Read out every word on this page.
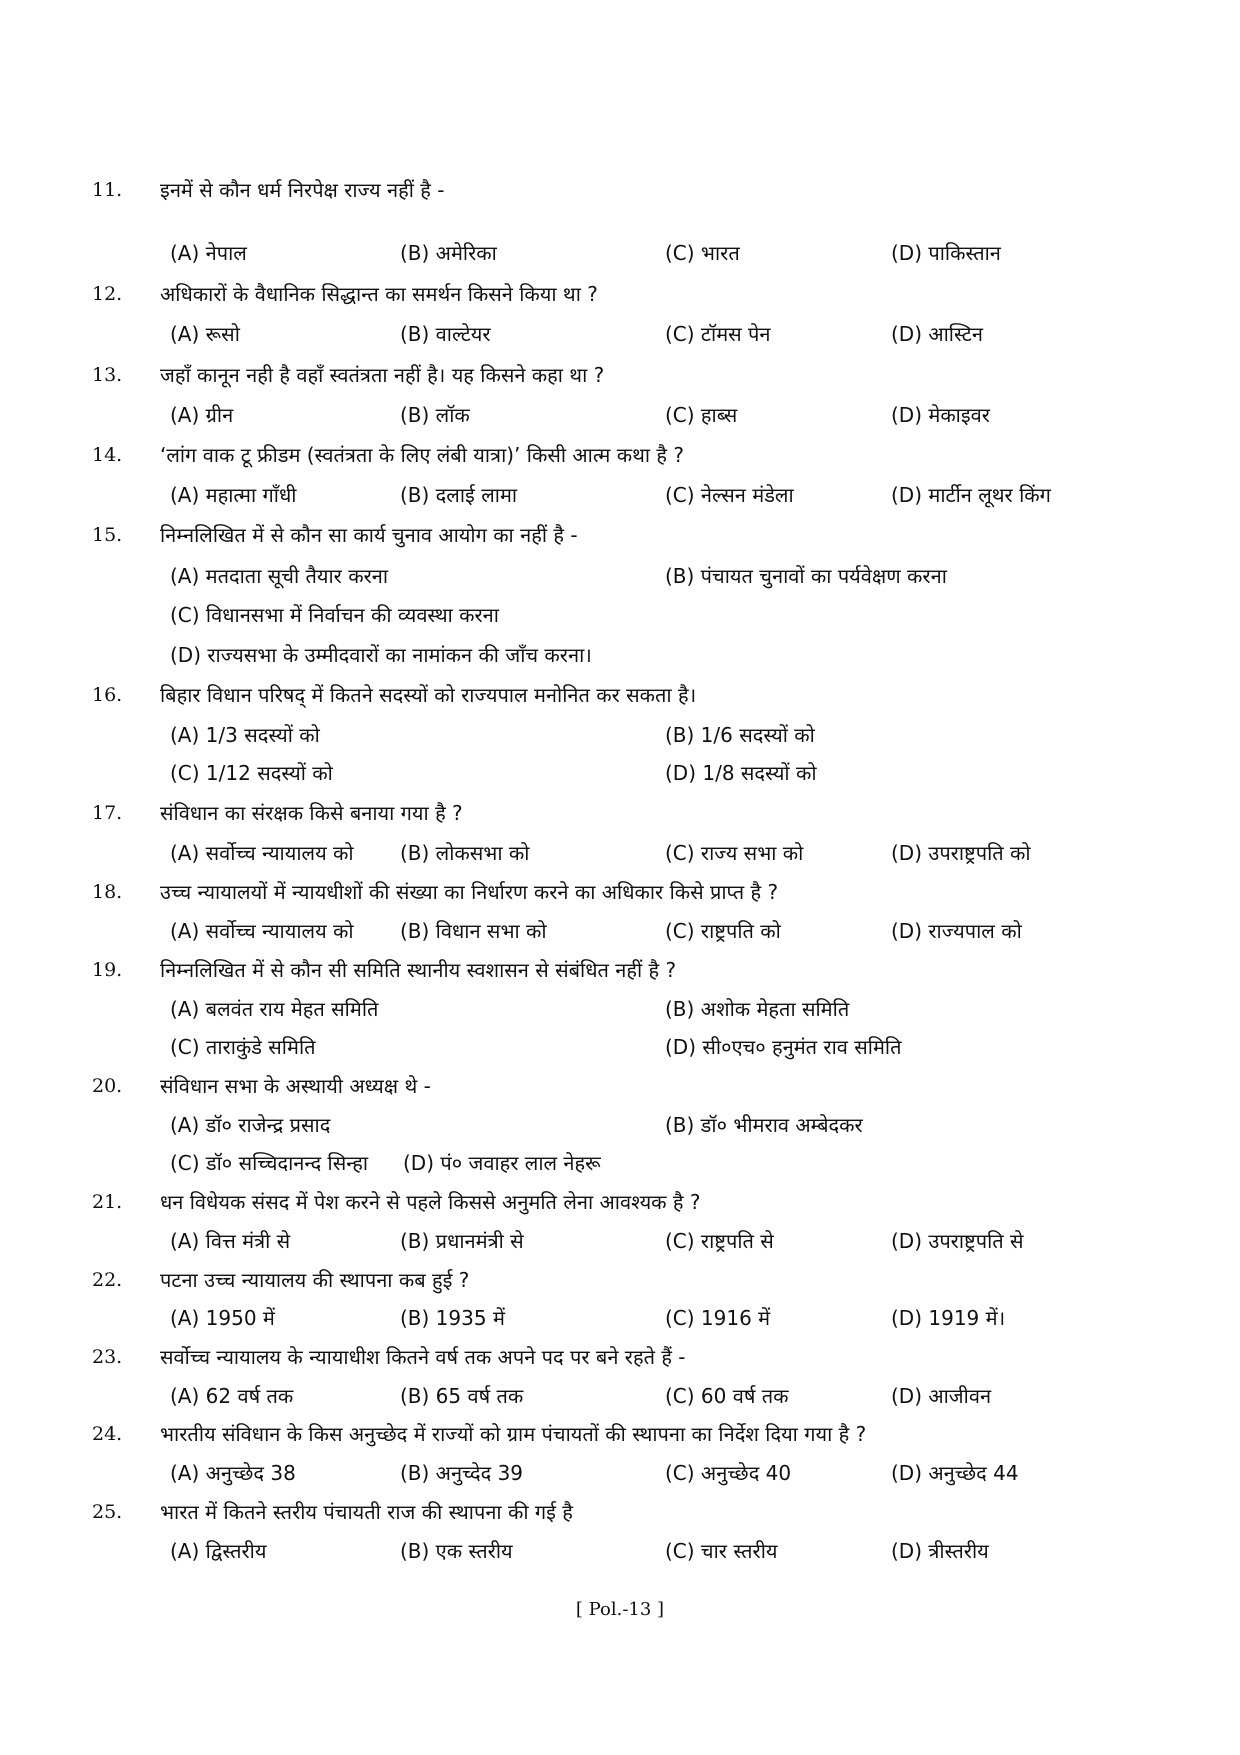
11.	इनमें से कौन धर्म निरपेक्ष राज्य नहीं है -
(A) नेपाल	(B) अमेरिका	(C) भारत	(D) पाकिस्तान
12.	अधिकारों के वैधानिक सिद्धान्त का समर्थन किसने किया था ?
(A) रूसो	(B) वाल्टेयर	(C) टॉमस पेन	(D) आस्टिन
13.	जहाँ कानून नही है वहाँ स्वतंत्रता नहीं है। यह किसने कहा था ?
(A) ग्रीन	(B) लॉक	(C) हाब्स	(D) मेकाइवर
14.	‘लांग वाक टू फ्रीडम (स्वतंत्रता के लिए लंबी यात्रा)’ किसी आत्म कथा है ?
(A) महात्मा गाँधी	(B) दलाई लामा	(C) नेल्सन मंडेला	(D) मार्टीन लूथर किंग
15.	निम्नलिखित में से कौन सा कार्य चुनाव आयोग का नहीं है -
(A) मतदाता सूची तैयार करना	(B) पंचायत चुनावों का पर्यवेक्षण करना
(C) विधानसभा में निर्वाचन की व्यवस्था करना
(D) राज्यसभा के उम्मीदवारों का नामांकन की जाँच करना।
16.	बिहार विधान परिषद् में कितने सदस्यों को राज्यपाल मनोनित कर सकता है।
(A) 1/3 सदस्यों को	(B) 1/6 सदस्यों को
(C) 1/12 सदस्यों को	(D) 1/8 सदस्यों को
17.	संविधान का संरक्षक किसे बनाया गया है ?
(A) सर्वोच्च न्यायालय को (B) लोकसभा को	(C) राज्य सभा को	(D) उपराष्ट्रपति को
18.	उच्च न्यायालयों में न्यायधीशों की संख्या का निर्धारण करने का अधिकार किसे प्राप्त है ?
(A) सर्वोच्च न्यायालय को (B) विधान सभा को	(C) राष्ट्रपति को	(D) राज्यपाल को
19.	निम्नलिखित में से कौन सी समिति स्थानीय स्वशासन से संबंधित नहीं है ?
(A) बलवंत राय मेहत समिति	(B) अशोक मेहता समिति
(C) ताराकुंडे समिति	(D) सी०एच० हनुमंत राव समिति
20.	संविधान सभा के अस्थायी अध्यक्ष थे -
(A) डॉ० राजेन्द्र प्रसाद	(B) डॉ० भीमराव अम्बेदकर
(C) डॉ० सच्चिदानन्द सिन्हा (D) पं० जवाहर लाल नेहरू
21.	धन विधेयक संसद में पेश करने से पहले किससे अनुमति लेना आवश्यक है ?
(A) वित्त मंत्री से	(B) प्रधानमंत्री से	(C) राष्ट्रपति से	(D) उपराष्ट्रपति से
22.	पटना उच्च न्यायालय की स्थापना कब हुई ?
(A) 1950 में	(B) 1935 में	(C) 1916 में	(D) 1919 में।
23.	सर्वोच्च न्यायालय के न्यायाधीश कितने वर्ष तक अपने पद पर बने रहते हैं -
(A) 62 वर्ष तक	(B) 65 वर्ष तक	(C) 60 वर्ष तक	(D) आजीवन
24.	भारतीय संविधान के किस अनुच्छेद में राज्यों को ग्राम पंचायतों की स्थापना का निर्देश दिया गया है ?
(A) अनुच्छेद 38	(B) अनुच्देद 39	(C) अनुच्छेद 40	(D) अनुच्छेद 44
25.	भारत में कितने स्तरीय पंचायती राज की स्थापना की गई है
(A) द्विस्तरीय	(B) एक स्तरीय	(C) चार स्तरीय	(D) त्रीस्तरीय
[ Pol.-13 ]
